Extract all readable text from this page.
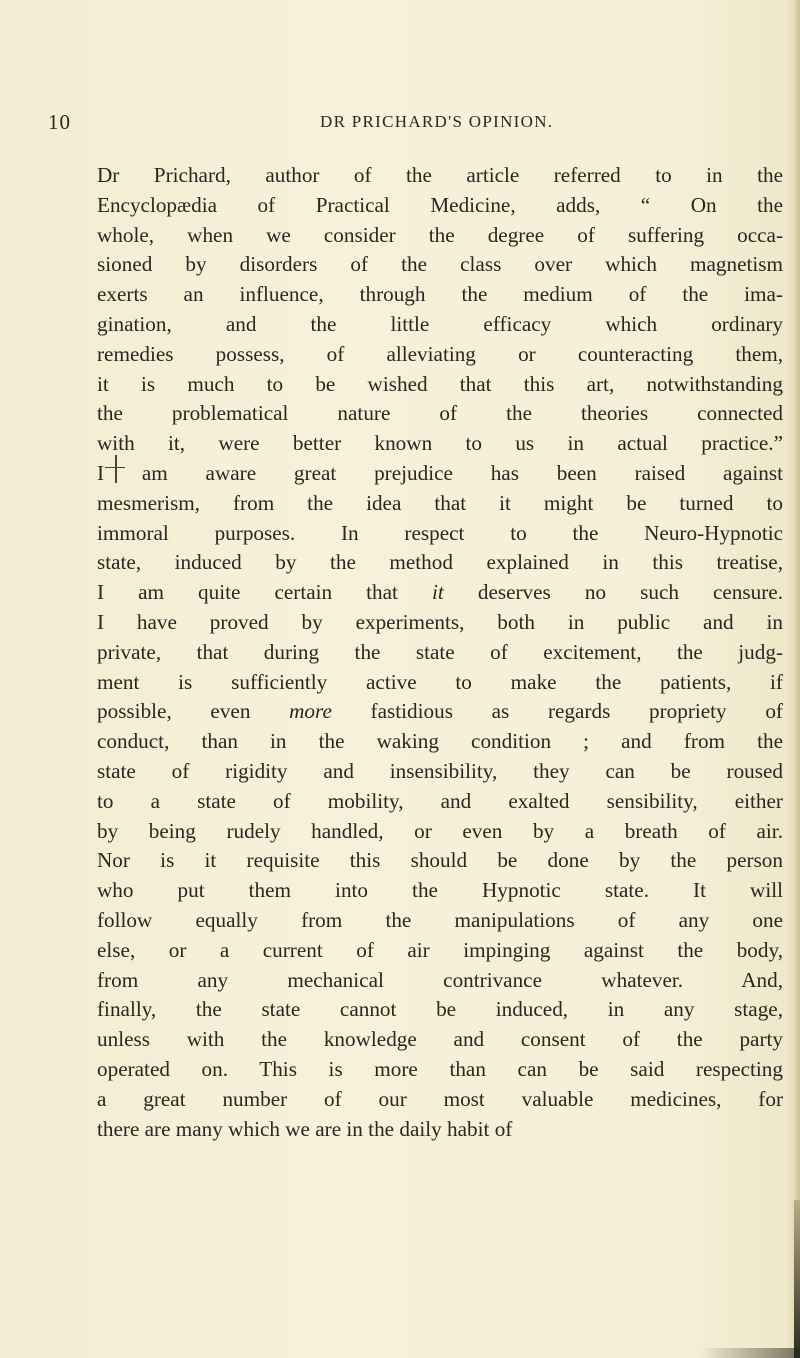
10	DR PRICHARD'S OPINION.
Dr Prichard, author of the article referred to in the
Encyclopædia of Practical Medicine, adds, “ On the
whole, when we consider the degree of suffering occa-
sioned by disorders of the class over which magnetism
exerts an influence, through the medium of the ima-
gination, and the little efficacy which ordinary
remedies possess, of alleviating or counteracting them,
it is much to be wished that this art, notwithstanding
the problematical nature of the theories connected
with it, were better known to us in actual practice.”
I am aware great prejudice has been raised against
mesmerism, from the idea that it might be turned to
immoral purposes. In respect to the Neuro-Hypnotic
state, induced by the method explained in this treatise,
I am quite certain that it deserves no such censure.
I have proved by experiments, both in public and in
private, that during the state of excitement, the judg-
ment is sufficiently active to make the patients, if
possible, even more fastidious as regards propriety of
conduct, than in the waking condition ; and from the
state of rigidity and insensibility, they can be roused
to a state of mobility, and exalted sensibility, either
by being rudely handled, or even by a breath of air.
Nor is it requisite this should be done by the person
who put them into the Hypnotic state. It will
follow equally from the manipulations of any one
else, or a current of air impinging against the body,
from any mechanical contrivance whatever. And,
finally, the state cannot be induced, in any stage,
unless with the knowledge and consent of the party
operated on. This is more than can be said respecting
a great number of our most valuable medicines, for
there are many which we are in the daily habit of
